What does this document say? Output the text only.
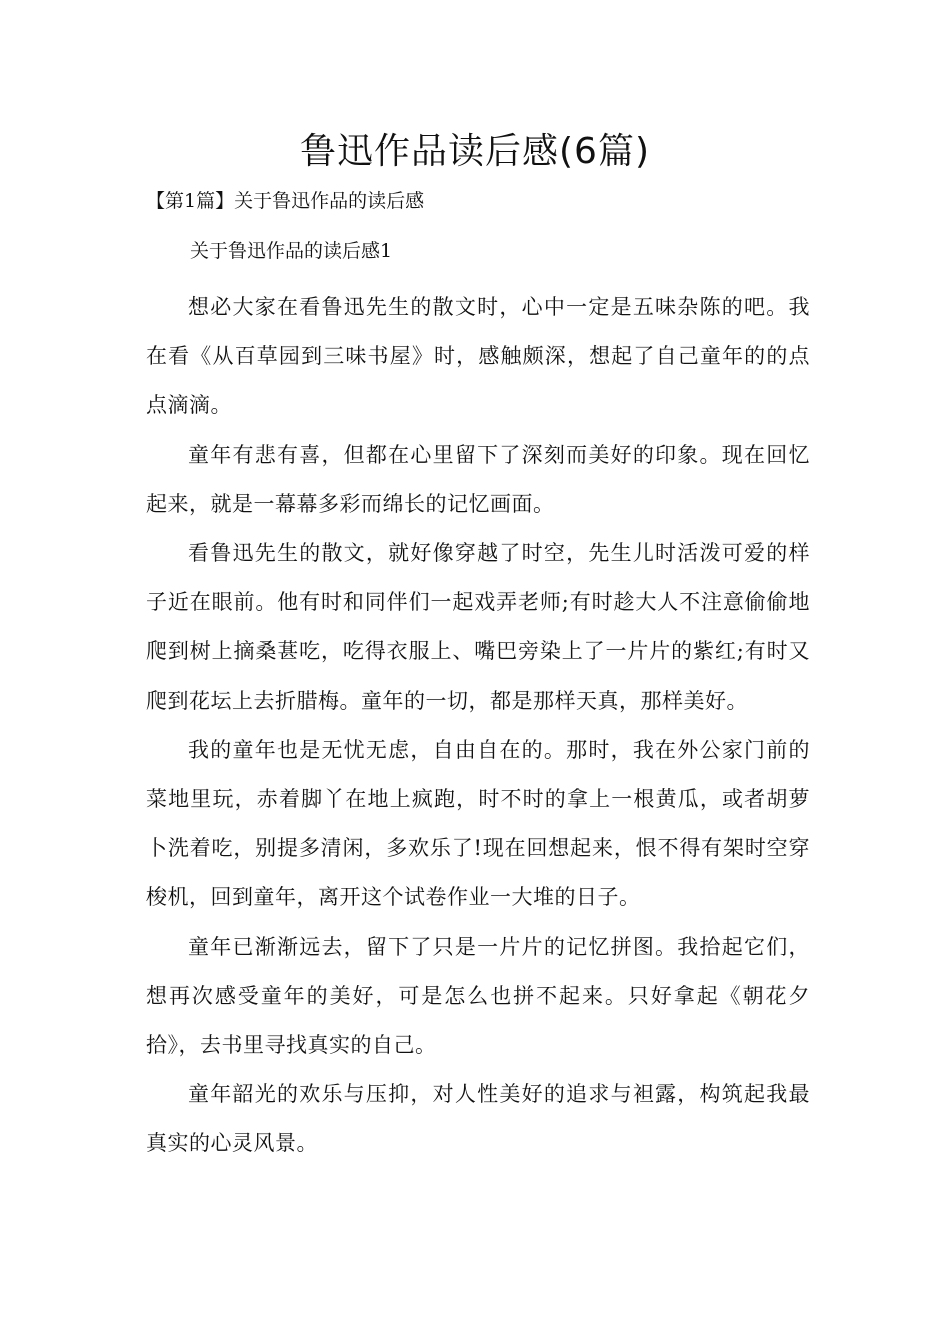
鲁迅作品读后感(6篇)

【第1篇】关于鲁迅作品的读后感

关于鲁迅作品的读后感1

想必大家在看鲁迅先生的散文时，心中一定是五味杂陈的吧。我在看《从百草园到三味书屋》时，感触颇深，想起了自己童年的的点点滴滴。

童年有悲有喜，但都在心里留下了深刻而美好的印象。现在回忆起来，就是一幕幕多彩而绵长的记忆画面。

看鲁迅先生的散文，就好像穿越了时空，先生儿时活泼可爱的样子近在眼前。他有时和同伴们一起戏弄老师;有时趁大人不注意偷偷地爬到树上摘桑葚吃，吃得衣服上、嘴巴旁染上了一片片的紫红;有时又爬到花坛上去折腊梅。童年的一切，都是那样天真，那样美好。

我的童年也是无忧无虑，自由自在的。那时，我在外公家门前的菜地里玩，赤着脚丫在地上疯跑，时不时的拿上一根黄瓜，或者胡萝卜洗着吃，别提多清闲，多欢乐了!现在回想起来，恨不得有架时空穿梭机，回到童年，离开这个试卷作业一大堆的日子。

童年已渐渐远去，留下了只是一片片的记忆拼图。我拾起它们，想再次感受童年的美好，可是怎么也拼不起来。只好拿起《朝花夕拾》，去书里寻找真实的自己。

童年韶光的欢乐与压抑，对人性美好的追求与袒露，构筑起我最真实的心灵风景。
